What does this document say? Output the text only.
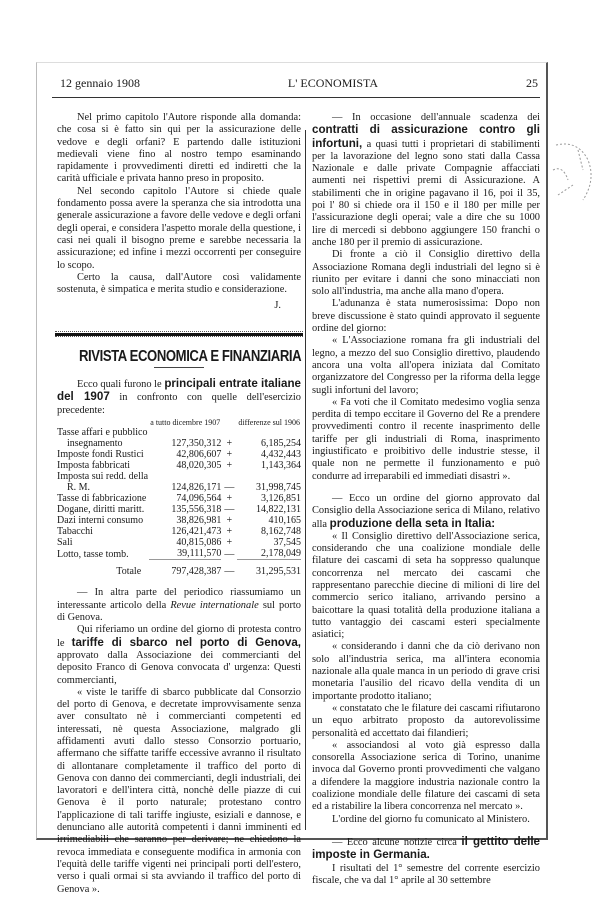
12 gennaio 1908	L' ECONOMISTA	25

Nel primo capitolo l'Autore risponde alla domanda: che cosa si è fatto sin qui per la assicurazione delle vedove e degli orfani? E partendo dalle istituzioni medievali viene fino al nostro tempo esaminando rapidamente i provvedimenti diretti ed indiretti che la carità ufficiale e privata hanno preso in proposito.

Nel secondo capitolo l'Autore si chiede quale fondamento possa avere la speranza che sia introdotta una generale assicurazione a favore delle vedove e degli orfani degli operai, e considera l'aspetto morale della questione, i casi nei quali il bisogno preme e sarebbe necessaria la assicurazione; ed infine i mezzi occorrenti per conseguire lo scopo.

Certo la causa, dall'Autore così validamente sostenuta, è simpatica e merita studio e considerazione.

J.
RIVISTA ECONOMICA E FINANZIARIA

Ecco quali furono le principali entrate italiane del 1907 in confronto con quelle dell'esercizio precedente:

	a tutto dicembre 1907		differenze sul 1906
Tasse affari e pubblico			
insegnamento	127,350,312	+	6,185,254
Imposte fondi Rustici	42,806,607	+	4,432,443
Imposta fabbricati	48,020,305	+	1,143,364
Imposta sui redd. della			
R. M.	124,826,171	—	31,998,745
Tasse di fabbricazione	74,096,564	+	3,126,851
Dogane, diritti maritt.	135,556,318	—	14,822,131
Dazi interni consumo	38,826,981	+	410,165
Tabacchi	126,421,473	+	8,162,748
Sali	40,815,086	+	37,545
Lotto, tasse tomb.	39,111,570	—	2,178,049
Totale	797,428,387	—	31,295,531

— In altra parte del periodico riassumiamo un interessante articolo della Revue internationale sul porto di Genova.

Qui riferiamo un ordine del giorno di protesta contro le tariffe di sbarco nel porto di Genova, approvato dalla Associazione dei commercianti del deposito Franco di Genova convocata d' urgenza: Questi commercianti,

« viste le tariffe di sbarco pubblicate dal Consorzio del porto di Genova, e decretate improvvisamente senza aver consultato nè i commercianti competenti ed interessati, nè questa Associazione, malgrado gli affidamenti avuti dallo stesso Consorzio portuario, affermano che siffatte tariffe eccessive avranno il risultato di allontanare completamente il traffico del porto di Genova con danno dei commercianti, degli industriali, dei lavoratori e dell'intera città, nonchè delle piazze di cui Genova è il porto naturale; protestano contro l'applicazione di tali tariffe ingiuste, esiziali e dannose, e denunciano alle autorità competenti i danni imminenti ed irrimediabili che saranno per derivare; ne chiedono la revoca immediata e conseguente modifica in armonia con l'equità delle tariffe vigenti nei principali porti dell'estero, verso i quali ormai si sta avviando il traffico del porto di Genova ».

— In occasione dell'annuale scadenza dei contratti di assicurazione contro gli infortuni, a quasi tutti i proprietari di stabilimenti per la lavorazione del legno sono stati dalla Cassa Nazionale e dalle private Compagnie affacciati aumenti nei rispettivi premi di Assicurazione. A stabilimenti che in origine pagavano il 16, poi il 35, poi l' 80 si chiede ora il 150 e il 180 per mille per l'assicurazione degli operai; vale a dire che su 1000 lire di mercedi si debbono aggiungere 150 franchi o anche 180 per il premio di assicurazione.

Di fronte a ciò il Consiglio direttivo della Associazione Romana degli industriali del legno si è riunito per evitare i danni che sono minacciati non solo all'industria, ma anche alla mano d'opera.

L'adunanza è stata numerosissima: Dopo non breve discussione è stato quindi approvato il seguente ordine del giorno:

« L'Associazione romana fra gli industriali del legno, a mezzo del suo Consiglio direttivo, plaudendo ancora una volta all'opera iniziata dal Comitato organizzatore del Congresso per la riforma della legge sugli infortuni del lavoro;

« Fa voti che il Comitato medesimo voglia senza perdita di tempo eccitare il Governo del Re a prendere provvedimenti contro il recente inasprimento delle tariffe per gli industriali di Roma, inasprimento ingiustificato e proibitivo delle industrie stesse, il quale non ne permette il funzionamento e può condurre ad irreparabili ed immediati disastri ».

— Ecco un ordine del giorno approvato dal Consiglio della Associazione serica di Milano, relativo alla produzione della seta in Italia:

« Il Consiglio direttivo dell'Associazione serica, considerando che una coalizione mondiale delle filature dei cascami di seta ha soppresso qualunque concorrenza nel mercato dei cascami che rappresentano parecchie diecine di milioni di lire del commercio serico italiano, arrivando persino a baicottare la quasi totalità della produzione italiana a tutto vantaggio dei cascami esteri specialmente asiatici;

« considerando i danni che da ciò derivano non solo all'industria serica, ma all'intera economia nazionale alla quale manca in un periodo di grave crisi monetaria l'ausilio del ricavo della vendita di un importante prodotto italiano;

« constatato che le filature dei cascami rifiutarono un equo arbitrato proposto da autorevolissime personalità ed accettato dai filandieri;

« associandosi al voto già espresso dalla consorella Associazione serica di Torino, unanime invoca dal Governo pronti provvedimenti che valgano a difendere la maggiore industria nazionale contro la coalizione mondiale delle filature dei cascami di seta ed a ristabilire la libera concorrenza nel mercato ».

L'ordine del giorno fu comunicato al Ministero.

— Ecco alcune notizie circa il gettito delle imposte in Germania.

I risultati del 1° semestre del corrente esercizio fiscale, che va dal 1° aprile al 30 settembre
